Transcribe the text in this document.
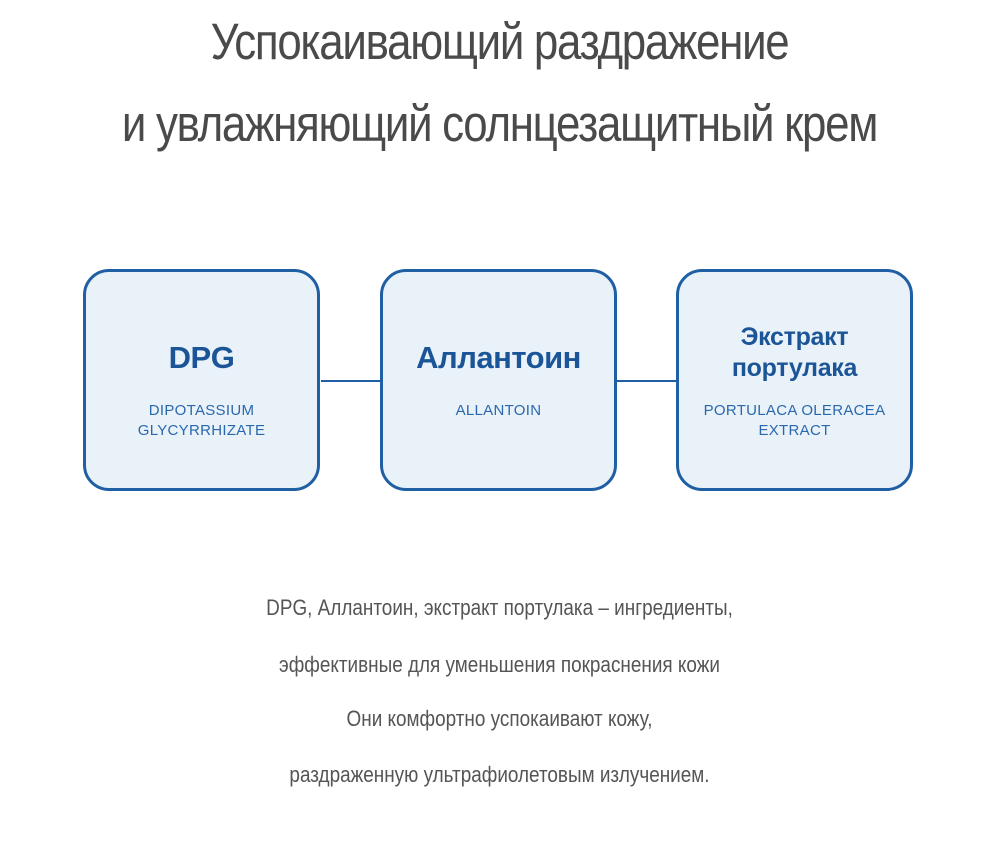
Успокаивающий раздражение
и увлажняющий солнцезащитный крем
DPG
DIPOTASSIUM
GLYCYRRHIZATE
Аллантоин
ALLANTOIN
Экстракт
портулака
PORTULACA OLERACEA
EXTRACT
DPG, Аллантоин, экстракт портулака – ингредиенты,
эффективные для уменьшения покраснения кожи
Они комфортно успокаивают кожу,
раздраженную ультрафиолетовым излучением.
